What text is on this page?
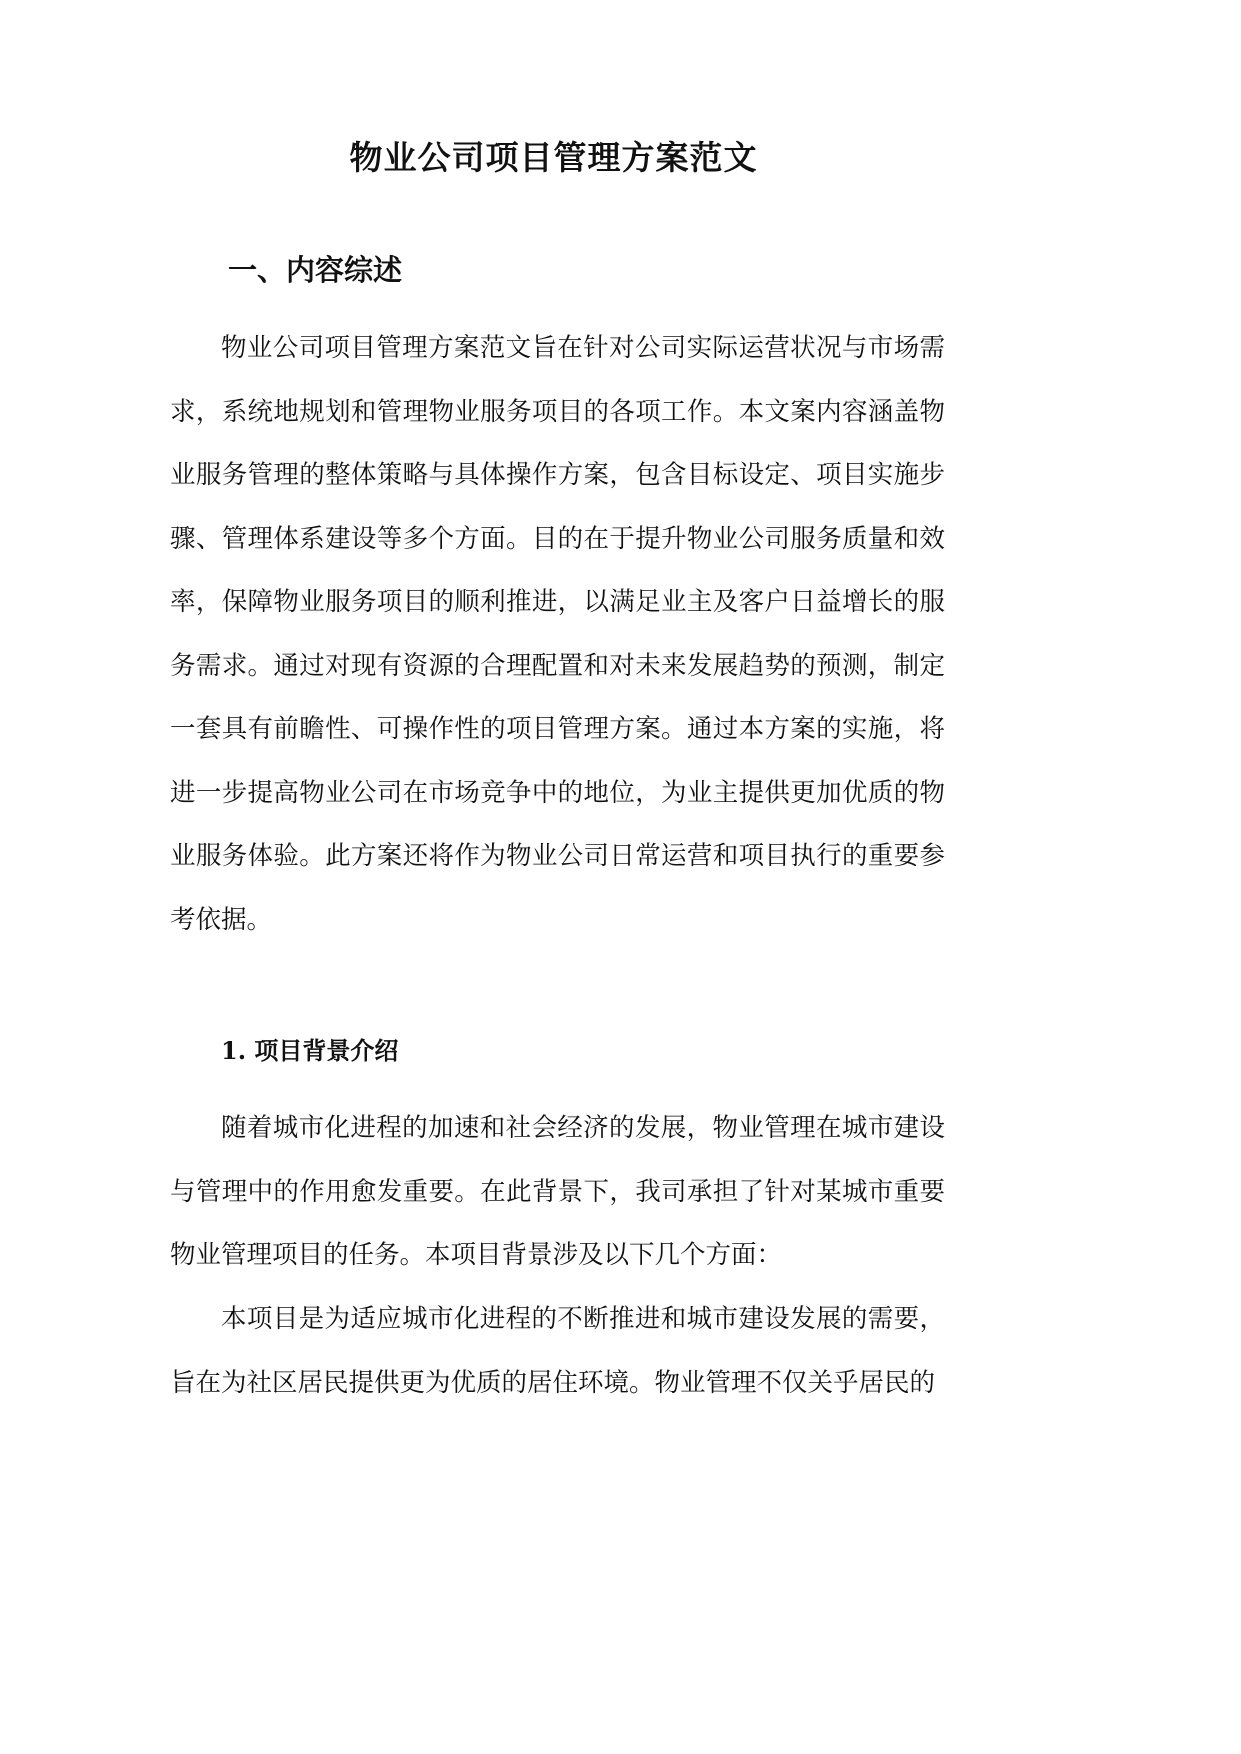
物业公司项目管理方案范文
一、内容综述

物业公司项目管理方案范文旨在针对公司实际运营状况与市场需求，系统地规划和管理物业服务项目的各项工作。本文案内容涵盖物业服务管理的整体策略与具体操作方案，包含目标设定、项目实施步骤、管理体系建设等多个方面。目的在于提升物业公司服务质量和效率，保障物业服务项目的顺利推进，以满足业主及客户日益增长的服务需求。通过对现有资源的合理配置和对未来发展趋势的预测，制定一套具有前瞻性、可操作性的项目管理方案。通过本方案的实施，将进一步提高物业公司在市场竞争中的地位，为业主提供更加优质的物业服务体验。此方案还将作为物业公司日常运营和项目执行的重要参考依据。

1. 项目背景介绍

随着城市化进程的加速和社会经济的发展，物业管理在城市建设与管理中的作用愈发重要。在此背景下，我司承担了针对某城市重要物业管理项目的任务。本项目背景涉及以下几个方面：

本项目是为适应城市化进程的不断推进和城市建设发展的需要，旨在为社区居民提供更为优质的居住环境。物业管理不仅关乎居民的
